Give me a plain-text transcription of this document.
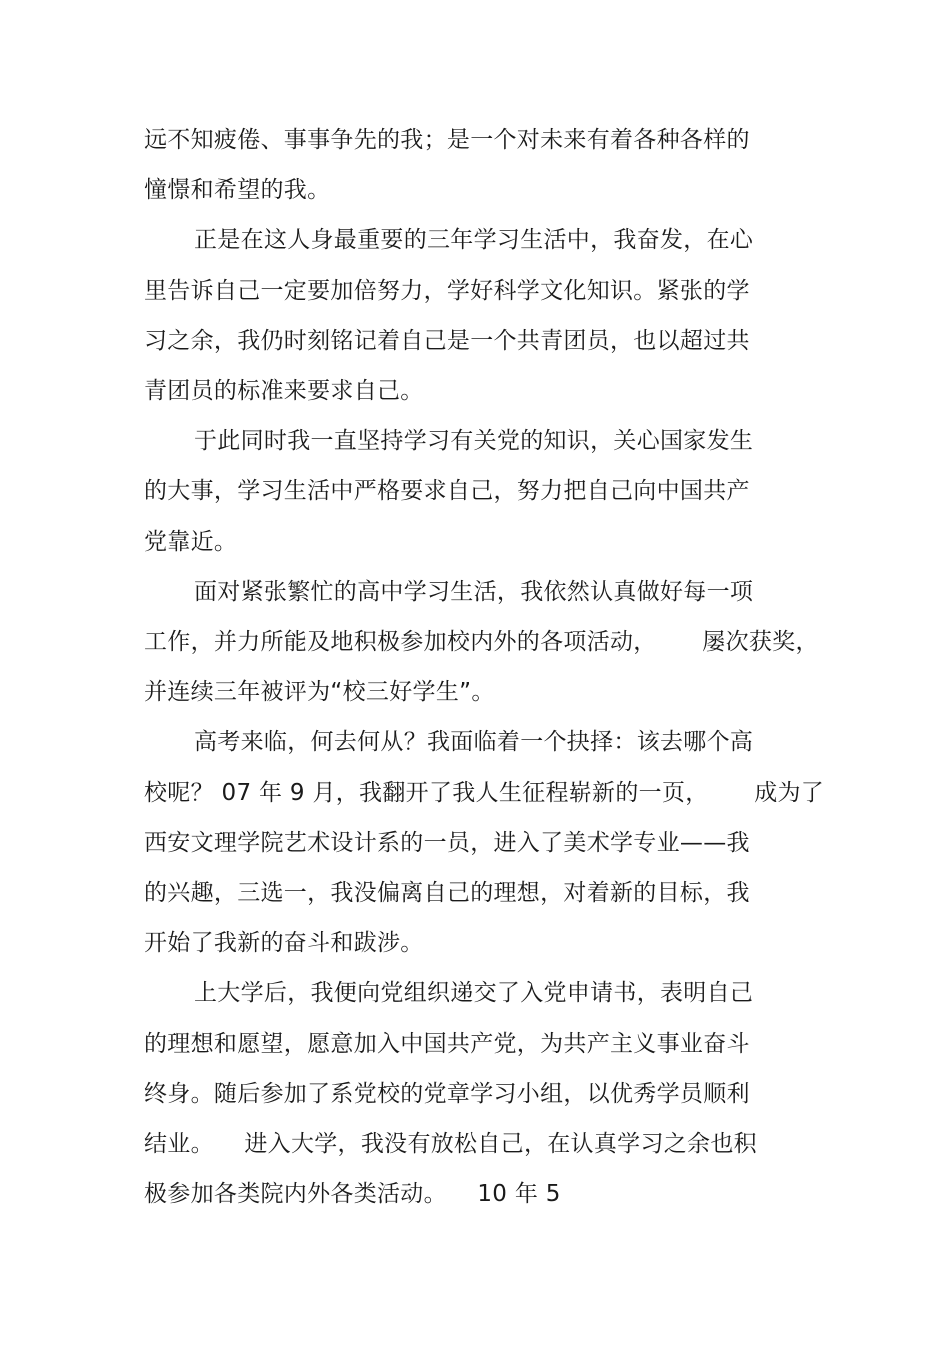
远不知疲倦、事事争先的我；是一个对未来有着各种各样的
憧憬和希望的我。
正是在这人身最重要的三年学习生活中，我奋发，在心
里告诉自己一定要加倍努力，学好科学文化知识。紧张的学
习之余，我仍时刻铭记着自己是一个共青团员，也以超过共
青团员的标准来要求自己。
于此同时我一直坚持学习有关党的知识，关心国家发生
的大事，学习生活中严格要求自己，努力把自己向中国共产
党靠近。
面对紧张繁忙的高中学习生活，我依然认真做好每一项
工作，并力所能及地积极参加校内外的各项活动，      屡次获奖，
并连续三年被评为“校三好学生”。
高考来临，何去何从？我面临着一个抉择：该去哪个高
校呢？ 07 年 9 月，我翻开了我人生征程崭新的一页，      成为了
西安文理学院艺术设计系的一员，进入了美术学专业——我
的兴趣，三选一，我没偏离自己的理想，对着新的目标，我
开始了我新的奋斗和跋涉。
上大学后，我便向党组织递交了入党申请书，表明自己
的理想和愿望，愿意加入中国共产党，为共产主义事业奋斗
终身。随后参加了系党校的党章学习小组，以优秀学员顺利
结业。    进入大学，我没有放松自己，在认真学习之余也积
极参加各类院内外各类活动。    10 年 5
